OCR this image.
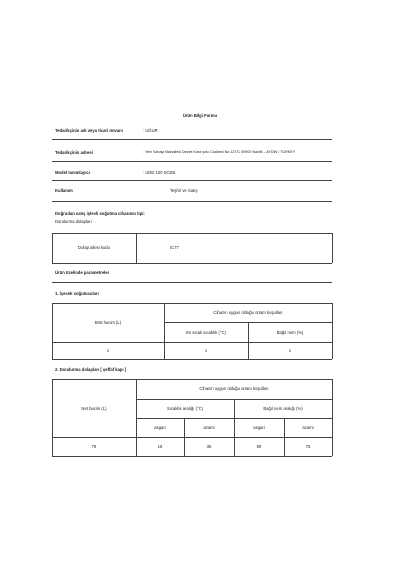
Ürün Bilgi Formu
Tedarikçinin adı veya ticari ünvanı	: UĞUR
Tedarikçinin adresi	: Yeni Sanayi Mahallesi Devlet Kara yolu Caddesi No:127/C 09900 Nazilli – AYDIN / TURKEY
Model tanımlayıcı	: UDD 100 SCEB
Kullanım	Teşhir ve Satış
Doğrudan satış işlevli soğutma cihazının tipi:
Dondurma dolapları
Dolap ailesi kodu	IC77
Ürün özelinde parametreler
1. İçecek soğutucuları
Brüt hacim (L)
Cihazın uygun olduğu ortam koşulları
En sıcak sıcaklık (°C)	Bağıl nem (%)
x	x	x
2. Dondurma dolapları [ şeffaf kapı ]
Net hacim (L)
Cihazın uygun olduğu ortam koşulları
Sıcaklık aralığı (°C)	Bağıl nem aralığı (%)
asgari	azami	asgari	azami
78	16	35	80	75
